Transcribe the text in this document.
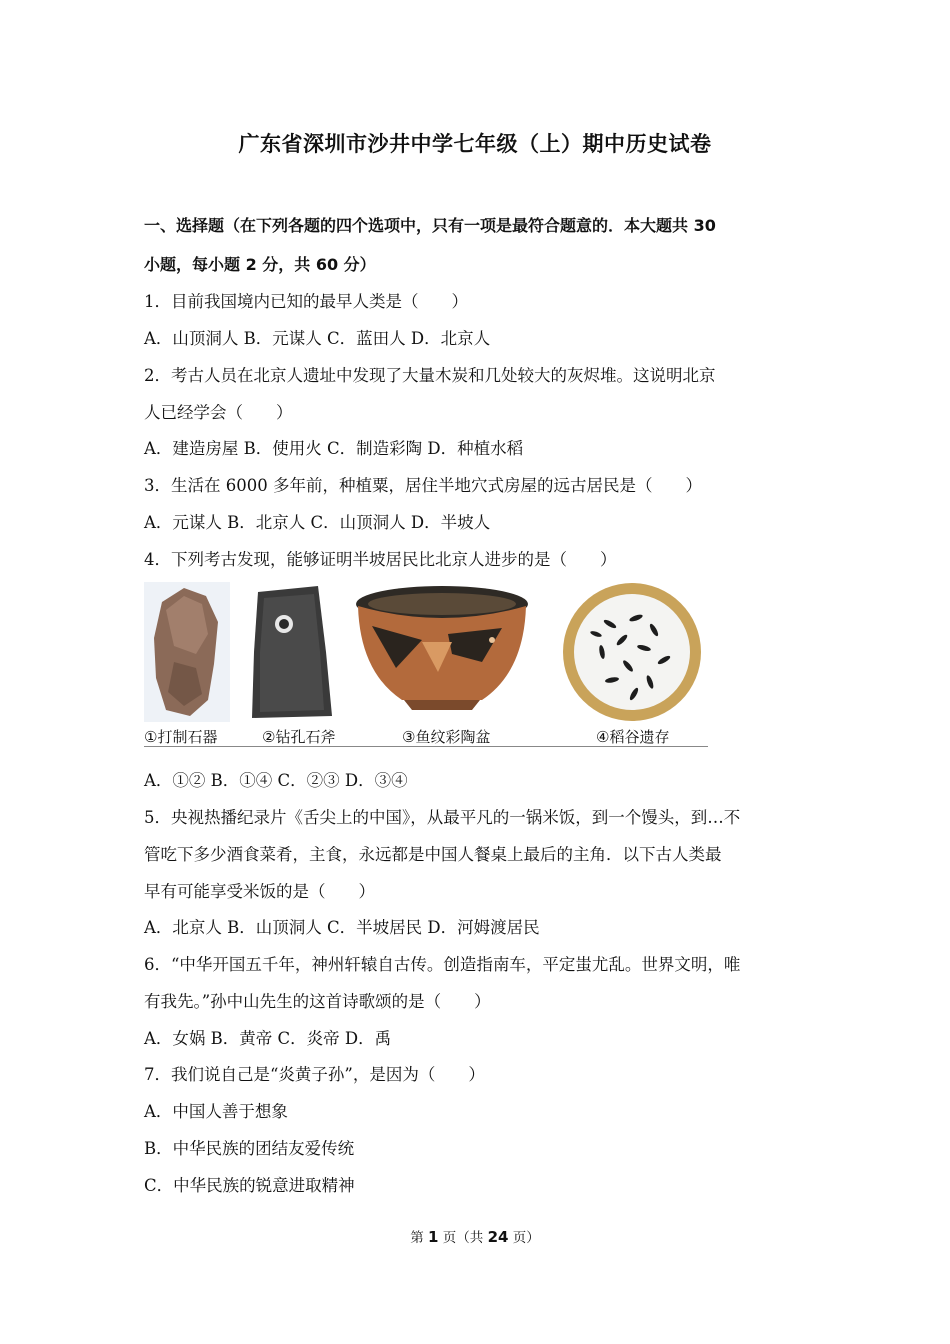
广东省深圳市沙井中学七年级（上）期中历史试卷
一、选择题（在下列各题的四个选项中，只有一项是最符合题意的．本大题共 30
小题，每小题 2 分，共 60 分）
1．目前我国境内已知的最早人类是（　　）
A．山顶洞人 B．元谋人 C．蓝田人 D．北京人
2．考古人员在北京人遗址中发现了大量木炭和几处较大的灰烬堆。这说明北京
人已经学会（　　）
A．建造房屋 B．使用火 C．制造彩陶 D．种植水稻
3．生活在 6000 多年前，种植粟，居住半地穴式房屋的远古居民是（　　）
A．元谋人 B．北京人 C．山顶洞人 D．半坡人
4．下列考古发现，能够证明半坡居民比北京人进步的是（　　）
①打制石器	②钻孔石斧	③鱼纹彩陶盆	④稻谷遗存
A．①② B．①④ C．②③ D．③④
5．央视热播纪录片《舌尖上的中国》，从最平凡的一锅米饭，到一个馒头，到…不
管吃下多少酒食菜肴，主食，永远都是中国人餐桌上最后的主角．以下古人类最
早有可能享受米饭的是（　　）
A．北京人 B．山顶洞人 C．半坡居民 D．河姆渡居民
6．“中华开国五千年，神州轩辕自古传。创造指南车，平定蚩尤乱。世界文明，唯
有我先。”孙中山先生的这首诗歌颂的是（　　）
A．女娲 B．黄帝 C．炎帝 D．禹
7．我们说自己是“炎黄子孙”，是因为（　　）
A．中国人善于想象
B．中华民族的团结友爱传统
C．中华民族的锐意进取精神
第 1 页（共 24 页）
